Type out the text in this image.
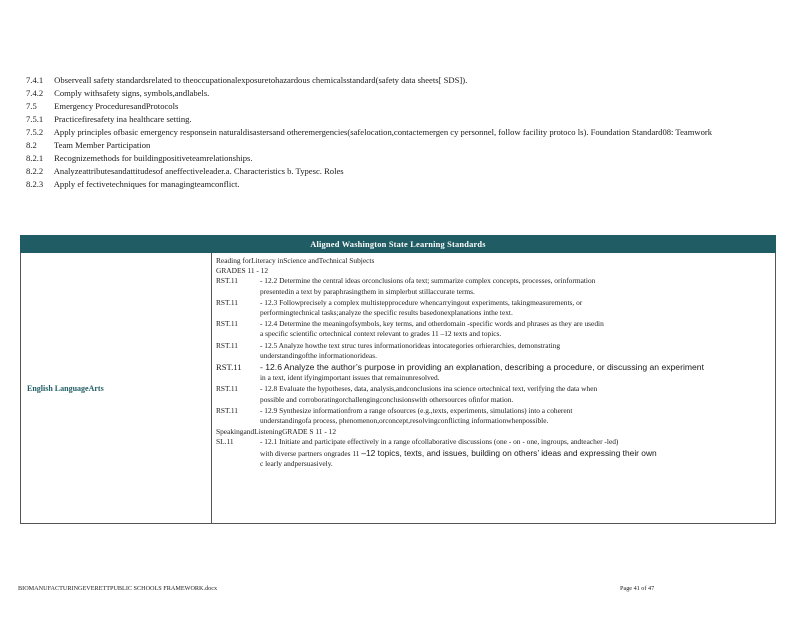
7.4.1 Observeall safety standardsrelated to theoccupationalexposuretohazardous chemicalsstandard(safety data sheets[ SDS]).
7.4.2 Comply withsafety signs, symbols,andlabels.
7.5 Emergency ProceduresandProtocols
7.5.1 Practicefiresafety ina healthcare setting.
7.5.2 Apply principles ofbasic emergency responsein naturaldisastersand otheremergencies(safelocation,contactemergen cy personnel, follow facility protoco ls). Foundation Standard08: Teamwork
8.2 Team Member Participation
8.2.1 Recognizemethods for buildingpositiveteamrelationships.
8.2.2 Analyzeattributesandattitudesof aneffectiveleader.a. Characteristics b. Typesc. Roles
8.2.3 Apply ef fectivetechniques for managingteamconflict.
Aligned Washington State Learning Standards
English LanguageArts
Reading forLiteracy inScience andTechnical Subjects
GRADES 11 - 12
RST.11	- 12.2 Determine the central ideas orconclusions ofa text; summarize complex concepts, processes, orinformation
presentedin a text by paraphrasingthem in simplerbut stillaccurate terms.
RST.11	- 12.3 Followprecisely a complex multistepprocedure whencarryingout experiments, takingmeasurements, or
performingtechnical tasks;analyze the specific results basedonexplanations inthe text.
RST.11	- 12.4 Determine the meaningofsymbols, key terms, and otherdomain -specific words and phrases as they are usedin
a specific scientific ortechnical context relevant to grades 11 –12 texts and topics.
RST.11	- 12.5 Analyze howthe text struc tures informationorideas intocategories orhierarchies, demonstrating
understandingofthe informationorideas.
RST.11 - 12.6 Analyze the author’s purpose in providing an explanation, describing a procedure, or discussing an experiment
in a text, ident ifyingimportant issues that remainunresolved.
RST.11	- 12.8 Evaluate the hypotheses, data, analysis,andconclusions ina science ortechnical text, verifying the data when
possible and corroboratingorchallengingconclusionswith othersources ofinfor mation.
RST.11	- 12.9 Synthesize informationfrom a range ofsources (e.g.,texts, experiments, simulations) into a coherent
understandingofa process, phenomenon,orconcept,resolvingconflicting informationwhenpossible.
SpeakingandListeningGRADE S 11 - 12
SL.11	- 12.1 Initiate and participate effectively in a range ofcollaborative discussions (one - on - one, ingroups, andteacher -led)
with diverse partners ongrades 11 –12 topics, texts, and issues, building on others’ ideas and expressing their own
c learly andpersuasively.
BIOMANUFACTURINGEVERETTPUBLIC SCHOOLS FRAMEWORK.docx	Page 41 of 47
